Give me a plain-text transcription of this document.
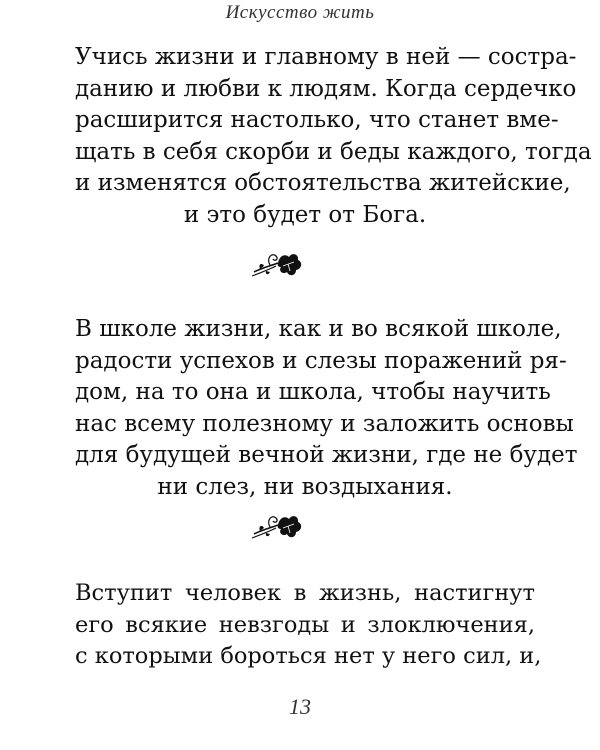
Искусство жить
Учись жизни и главному в ней — состра-
данию и любви к людям. Когда сердечко
расширится настолько, что станет вме-
щать в себя скорби и беды каждого, тогда
и изменятся обстоятельства житейские,
и это будет от Бога.
В школе жизни, как и во всякой школе,
радости успехов и слезы поражений ря-
дом, на то она и школа, чтобы научить
нас всему полезному и заложить основы
для будущей вечной жизни, где не будет
ни слез, ни воздыхания.
Вступит человек в жизнь, настигнут
его всякие невзгоды и злоключения,
с которыми бороться нет у него сил, и,
13
